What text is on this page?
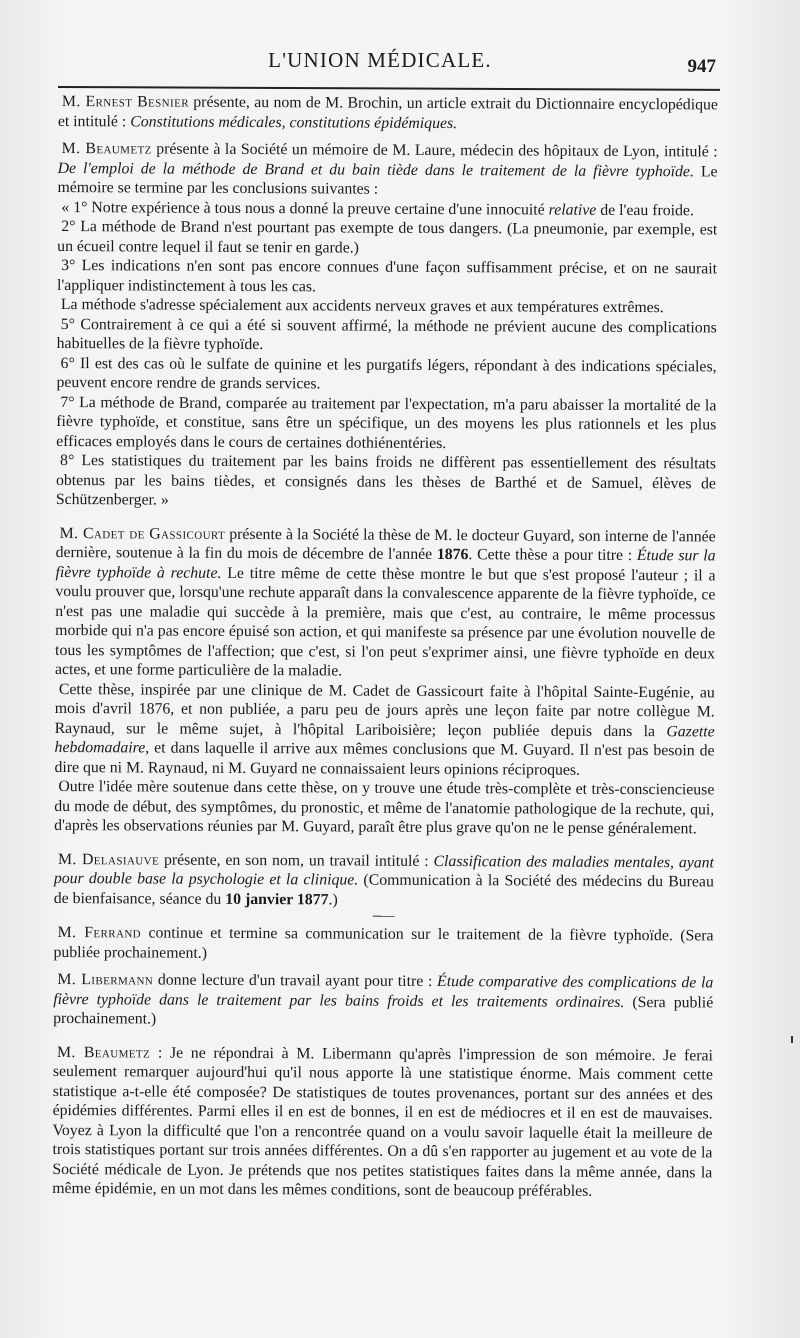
L'UNION MÉDICALE.	947

M. Ernest Besnier présente, au nom de M. Brochin, un article extrait du Dictionnaire encyclopédique et intitulé : Constitutions médicales, constitutions épidémiques.

M. Beaumetz présente à la Société un mémoire de M. Laure, médecin des hôpitaux de Lyon, intitulé : De l'emploi de la méthode de Brand et du bain tiède dans le traitement de la fièvre typhoïde. Le mémoire se termine par les conclusions suivantes :

« 1° Notre expérience à tous nous a donné la preuve certaine d'une innocuité relative de l'eau froide.

2° La méthode de Brand n'est pourtant pas exempte de tous dangers. (La pneumonie, par exemple, est un écueil contre lequel il faut se tenir en garde.)

3° Les indications n'en sont pas encore connues d'une façon suffisamment précise, et on ne saurait l'appliquer indistinctement à tous les cas.

La méthode s'adresse spécialement aux accidents nerveux graves et aux températures extrêmes.

5° Contrairement à ce qui a été si souvent affirmé, la méthode ne prévient aucune des complications habituelles de la fièvre typhoïde.

6° Il est des cas où le sulfate de quinine et les purgatifs légers, répondant à des indications spéciales, peuvent encore rendre de grands services.

7° La méthode de Brand, comparée au traitement par l'expectation, m'a paru abaisser la mortalité de la fièvre typhoïde, et constitue, sans être un spécifique, un des moyens les plus rationnels et les plus efficaces employés dans le cours de certaines dothiénentéries.

8° Les statistiques du traitement par les bains froids ne diffèrent pas essentiellement des résultats obtenus par les bains tièdes, et consignés dans les thèses de Barthé et de Samuel, élèves de Schützenberger. »

M. Cadet de Gassicourt présente à la Société la thèse de M. le docteur Guyard, son interne de l'année dernière, soutenue à la fin du mois de décembre de l'année 1876. Cette thèse a pour titre : Étude sur la fièvre typhoïde à rechute. Le titre même de cette thèse montre le but que s'est proposé l'auteur ; il a voulu prouver que, lorsqu'une rechute apparaît dans la convalescence apparente de la fièvre typhoïde, ce n'est pas une maladie qui succède à la première, mais que c'est, au contraire, le même processus morbide qui n'a pas encore épuisé son action, et qui manifeste sa présence par une évolution nouvelle de tous les symptômes de l'affection; que c'est, si l'on peut s'exprimer ainsi, une fièvre typhoïde en deux actes, et une forme particulière de la maladie.

Cette thèse, inspirée par une clinique de M. Cadet de Gassicourt faite à l'hôpital Sainte-Eugénie, au mois d'avril 1876, et non publiée, a paru peu de jours après une leçon faite par notre collègue M. Raynaud, sur le même sujet, à l'hôpital Lariboisière; leçon publiée depuis dans la Gazette hebdomadaire, et dans laquelle il arrive aux mêmes conclusions que M. Guyard. Il n'est pas besoin de dire que ni M. Raynaud, ni M. Guyard ne connaissaient leurs opinions réciproques.

Outre l'idée mère soutenue dans cette thèse, on y trouve une étude très-complète et très-consciencieuse du mode de début, des symptômes, du pronostic, et même de l'anatomie pathologique de la rechute, qui, d'après les observations réunies par M. Guyard, paraît être plus grave qu'on ne le pense généralement.

M. Delasiauve présente, en son nom, un travail intitulé : Classification des maladies mentales, ayant pour double base la psychologie et la clinique. (Communication à la Société des médecins du Bureau de bienfaisance, séance du 10 janvier 1877.)

M. Ferrand continue et termine sa communication sur le traitement de la fièvre typhoïde. (Sera publiée prochainement.)

M. Libermann donne lecture d'un travail ayant pour titre : Étude comparative des complications de la fièvre typhoïde dans le traitement par les bains froids et les traitements ordinaires. (Sera publié prochainement.)

M. Beaumetz : Je ne répondrai à M. Libermann qu'après l'impression de son mémoire. Je ferai seulement remarquer aujourd'hui qu'il nous apporte là une statistique énorme. Mais comment cette statistique a-t-elle été composée? De statistiques de toutes provenances, portant sur des années et des épidémies différentes. Parmi elles il en est de bonnes, il en est de médiocres et il en est de mauvaises. Voyez à Lyon la difficulté que l'on a rencontrée quand on a voulu savoir laquelle était la meilleure de trois statistiques portant sur trois années différentes. On a dû s'en rapporter au jugement et au vote de la Société médicale de Lyon. Je prétends que nos petites statistiques faites dans la même année, dans la même épidémie, en un mot dans les mêmes conditions, sont de beaucoup préférables.
